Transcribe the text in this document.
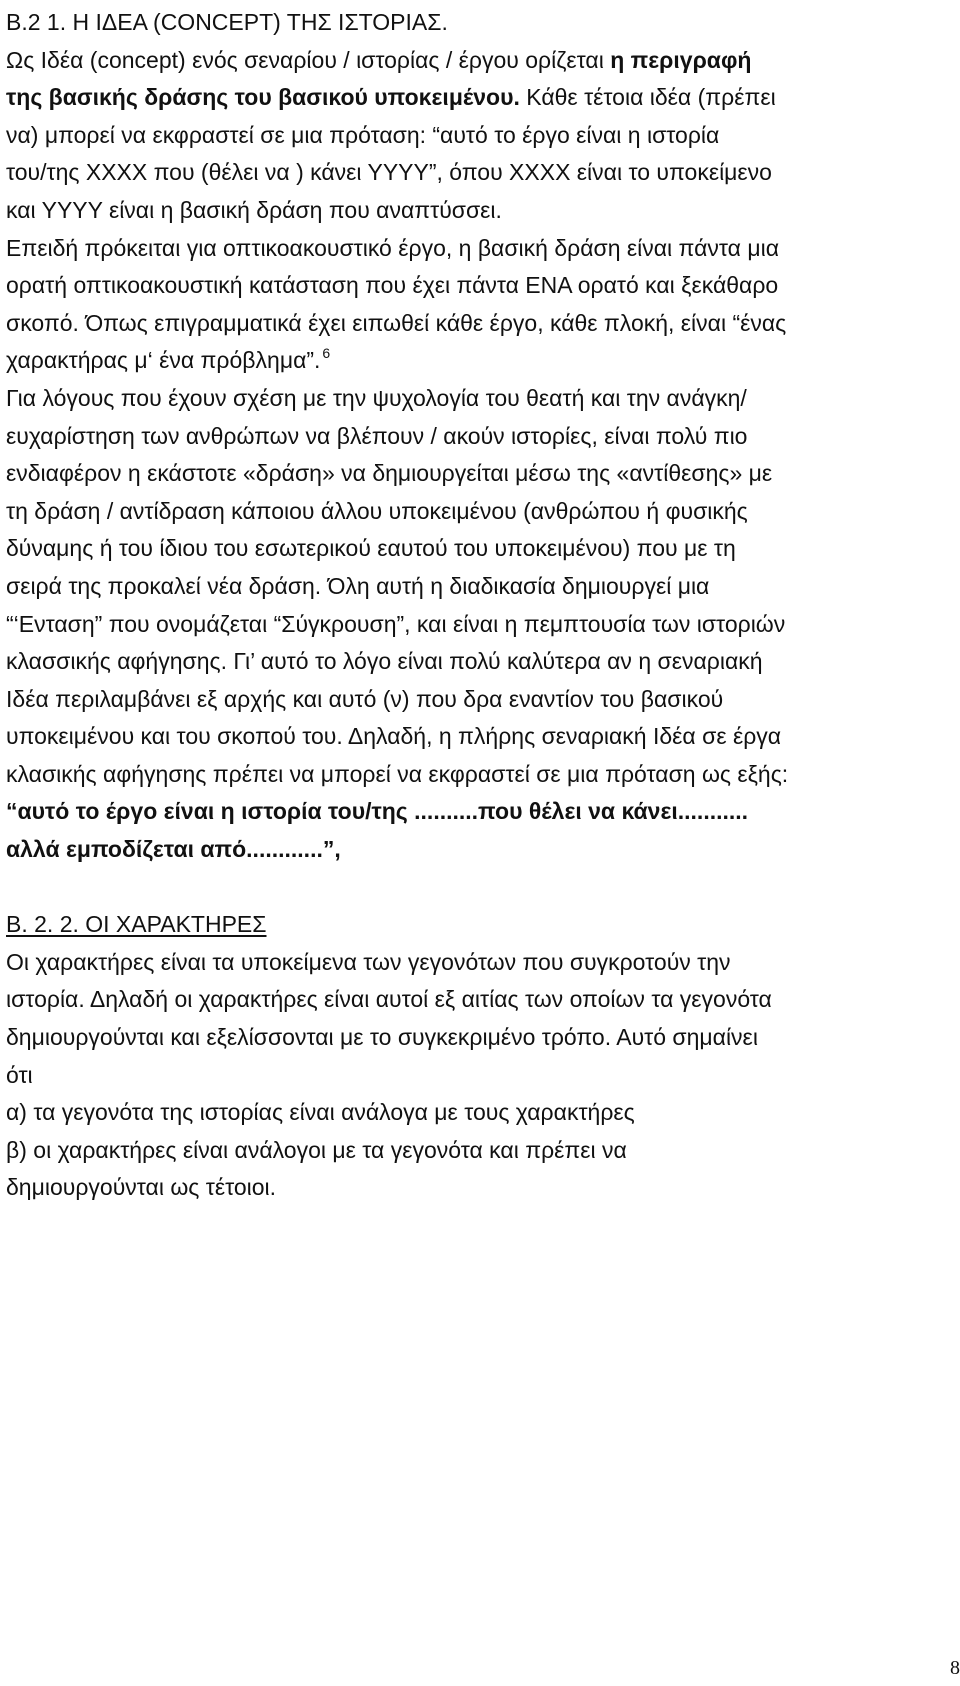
Β.2 1. Η ΙΔΕΑ (CONCEPT) ΤΗΣ ΙΣΤΟΡΙΑΣ.
Ως Ιδέα (concept) ενός σεναρίου / ιστορίας / έργου ορίζεται η περιγραφή
της βασικής δράσης του βασικού υποκειμένου. Κάθε τέτοια ιδέα (πρέπει
να) μπορεί να εκφραστεί σε μια πρόταση: “αυτό το έργο είναι η ιστορία
του/της ΧΧΧΧ που (θέλει να ) κάνει ΥΥΥΥ”, όπου ΧΧΧΧ είναι το υποκείμενο
και ΥΥΥΥ είναι η βασική δράση που αναπτύσσει.
Επειδή πρόκειται για οπτικοακουστικό έργο, η βασική δράση είναι πάντα μια
ορατή οπτικοακουστική κατάσταση που έχει πάντα ΕΝΑ ορατό και ξεκάθαρο
σκοπό. Όπως επιγραμματικά έχει ειπωθεί κάθε έργο, κάθε πλοκή, είναι “ένας
χαρακτήρας μ‘ ένα πρόβλημα”. $^6$
Για λόγους που έχουν σχέση με την ψυχολογία του θεατή και την ανάγκη/
ευχαρίστηση των ανθρώπων να βλέπουν / ακούν ιστορίες, είναι πολύ πιο
ενδιαφέρον η εκάστοτε «δράση» να δημιουργείται μέσω της «αντίθεσης» με
τη δράση / αντίδραση κάποιου άλλου υποκειμένου (ανθρώπου ή φυσικής
δύναμης ή του ίδιου του εσωτερικού εαυτού του υποκειμένου) που με τη
σειρά της προκαλεί νέα δράση. Όλη αυτή η διαδικασία δημιουργεί μια
“‘Ενταση” που ονομάζεται “Σύγκρουση”, και είναι η πεμπτουσία των ιστοριών
κλασσικής αφήγησης. Γι’ αυτό το λόγο είναι πολύ καλύτερα αν η σεναριακή
Ιδέα περιλαμβάνει εξ αρχής και αυτό (ν) που δρα εναντίον του βασικού
υποκειμένου και του σκοπού του. Δηλαδή, η πλήρης σεναριακή Ιδέα σε έργα
κλασικής αφήγησης πρέπει να μπορεί να εκφραστεί σε μια πρόταση ως εξής:
“αυτό το έργο είναι η ιστορία του/της ..........που θέλει να κάνει...........
αλλά εμποδίζεται από............”,
Β. 2. 2. ΟΙ ΧΑΡΑΚΤΗΡΕΣ
Οι χαρακτήρες είναι τα υποκείμενα των γεγονότων που συγκροτούν την
ιστορία. Δηλαδή οι χαρακτήρες είναι αυτοί εξ αιτίας των οποίων τα γεγονότα
δημιουργούνται και εξελίσσονται με το συγκεκριμένο τρόπο. Αυτό σημαίνει
ότι
α) τα γεγονότα της ιστορίας είναι ανάλογα με τους χαρακτήρες
β) οι χαρακτήρες είναι ανάλογοι με τα γεγονότα και πρέπει να
δημιουργούνται ως τέτοιοι.
8
